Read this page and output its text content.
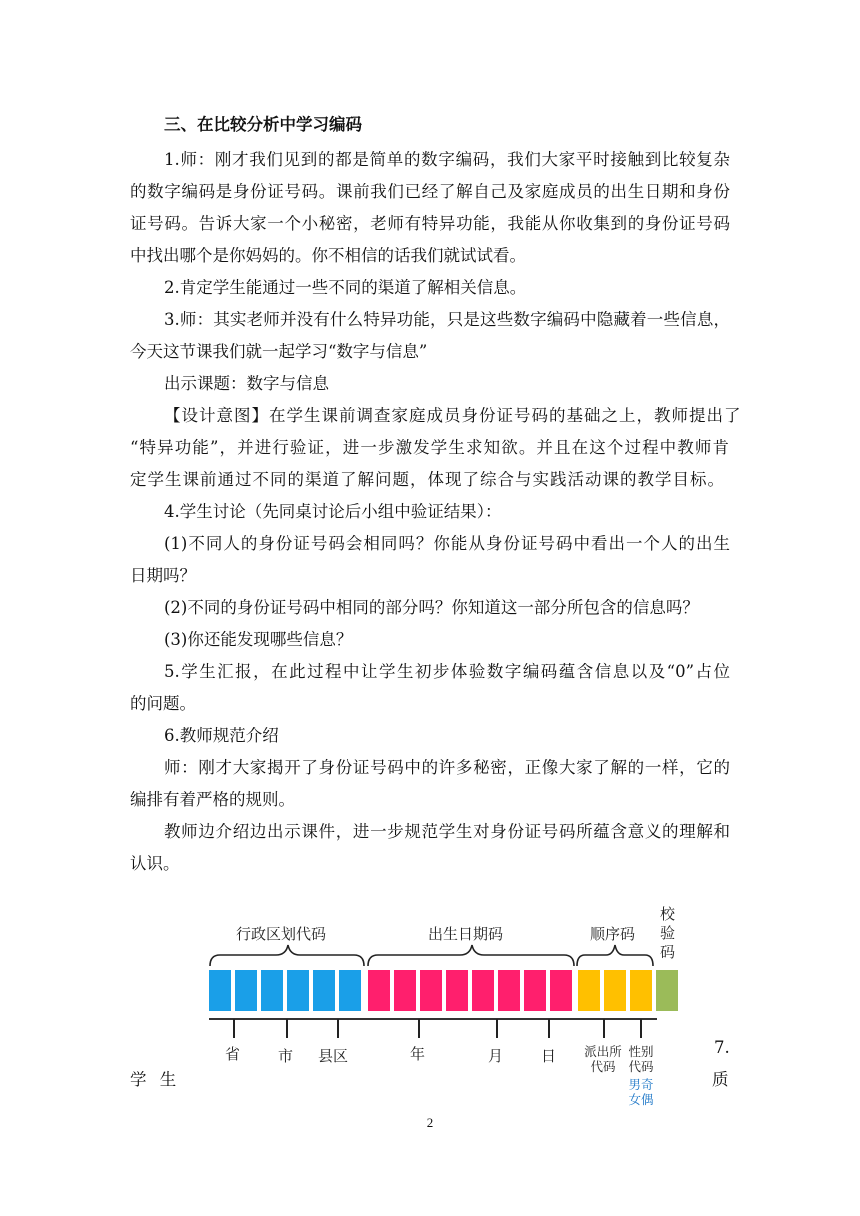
三、在比较分析中学习编码
1.师：刚才我们见到的都是简单的数字编码，我们大家平时接触到比较复杂
的数字编码是身份证号码。课前我们已经了解自己及家庭成员的出生日期和身份
证号码。告诉大家一个小秘密，老师有特异功能，我能从你收集到的身份证号码
中找出哪个是你妈妈的。你不相信的话我们就试试看。
2.肯定学生能通过一些不同的渠道了解相关信息。
3.师：其实老师并没有什么特异功能，只是这些数字编码中隐藏着一些信息，
今天这节课我们就一起学习“数字与信息”
出示课题：数字与信息
【设计意图】在学生课前调查家庭成员身份证号码的基础之上，教师提出了
“特异功能”，并进行验证，进一步激发学生求知欲。并且在这个过程中教师肯
定学生课前通过不同的渠道了解问题，体现了综合与实践活动课的教学目标。
4.学生讨论（先同桌讨论后小组中验证结果）：
(1)不同人的身份证号码会相同吗？你能从身份证号码中看出一个人的出生
日期吗？
(2)不同的身份证号码中相同的部分吗？你知道这一部分所包含的信息吗？
(3)你还能发现哪些信息？
5.学生汇报，在此过程中让学生初步体验数字编码蕴含信息以及“0”占位
的问题。
6.教师规范介绍
师：刚才大家揭开了身份证号码中的许多秘密，正像大家了解的一样，它的
编排有着严格的规则。
教师边介绍边出示课件，进一步规范学生对身份证号码所蕴含意义的理解和
认识。
行政区划代码	出生日期码	顺序码
校验码
省	市 县区	年	月	日	派出所代码
性别代码
男奇女偶
学 生
7.
质
2
